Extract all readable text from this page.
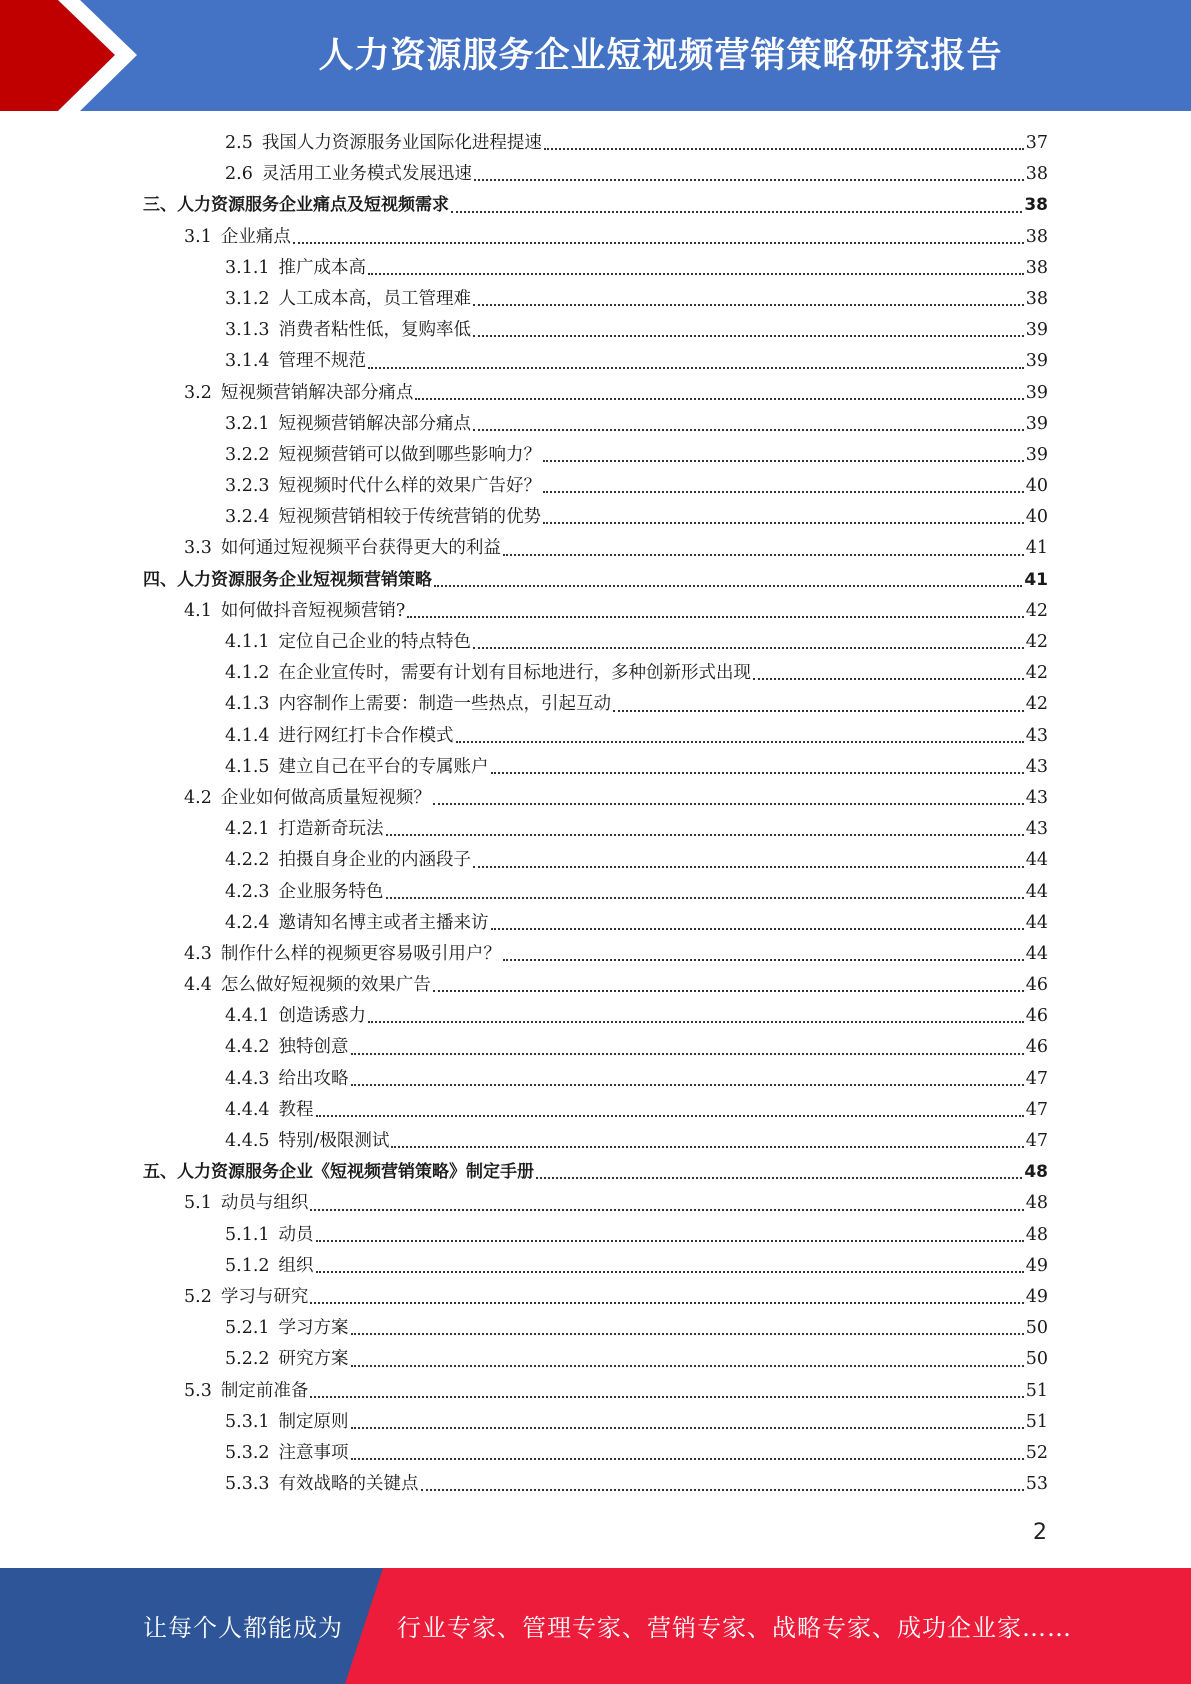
人力资源服务企业短视频营销策略研究报告
2.5 我国人力资源服务业国际化进程提速	37
2.6 灵活用工业务模式发展迅速	38
三、 人力资源服务企业痛点及短视频需求	38
3.1 企业痛点	38
3.1.1 推广成本高	38
3.1.2 人工成本高，员工管理难	38
3.1.3 消费者粘性低，复购率低	39
3.1.4 管理不规范	39
3.2 短视频营销解决部分痛点	39
3.2.1 短视频营销解决部分痛点	39
3.2.2 短视频营销可以做到哪些影响力？	39
3.2.3 短视频时代什么样的效果广告好？	40
3.2.4 短视频营销相较于传统营销的优势	40
3.3 如何通过短视频平台获得更大的利益	41
四、 人力资源服务企业短视频营销策略	41
4.1 如何做抖音短视频营销?	42
4.1.1 定位自己企业的特点特色	42
4.1.2 在企业宣传时，需要有计划有目标地进行，多种创新形式出现	42
4.1.3 内容制作上需要：制造一些热点，引起互动	42
4.1.4 进行网红打卡合作模式	43
4.1.5 建立自己在平台的专属账户	43
4.2 企业如何做高质量短视频？	43
4.2.1 打造新奇玩法	43
4.2.2 拍摄自身企业的内涵段子	44
4.2.3 企业服务特色	44
4.2.4 邀请知名博主或者主播来访	44
4.3 制作什么样的视频更容易吸引用户？	44
4.4 怎么做好短视频的效果广告	46
4.4.1 创造诱惑力	46
4.4.2 独特创意	46
4.4.3 给出攻略	47
4.4.4 教程	47
4.4.5 特别/极限测试	47
五、 人力资源服务企业《短视频营销策略》制定手册	48
5.1 动员与组织	48
5.1.1 动员	48
5.1.2 组织	49
5.2 学习与研究	49
5.2.1 学习方案	50
5.2.2 研究方案	50
5.3 制定前准备	51
5.3.1 制定原则	51
5.3.2 注意事项	52
5.3.3 有效战略的关键点	53
2
让每个人都能成为 行业专家、管理专家、营销专家、战略专家、成功企业家……
